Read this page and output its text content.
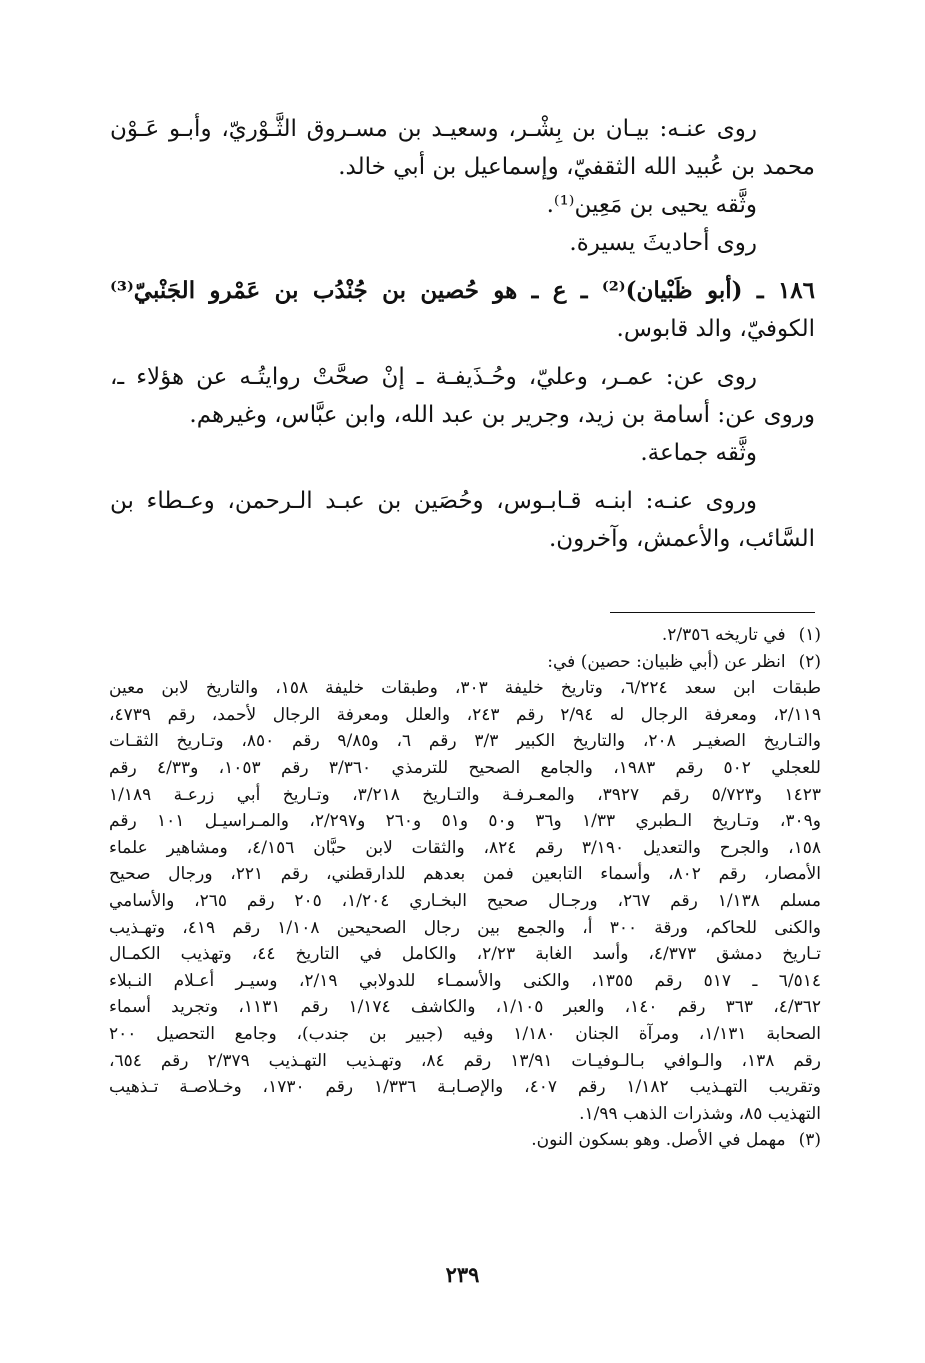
روى عنـه: بيـان بن بِشْـر، وسعيـد بن مسـروق الثَّـوْريّ، وأبـو عَـوْن
محمد بن عُبيد الله الثقفيّ، وإسماعيل بن أبي خالد.
وثَّقه يحيى بن مَعِين⁽¹⁾.
روى أحاديثَ يسيرة.
١٨٦ ـ (أبو ظَبْيان)⁽²⁾ ـ ع ـ هو حُصين بن جُنْدُب بن عَمْرو الجَنْبيّ⁽³⁾
الكوفيّ، والد قابوس.
روى عن: عمـر، وعليّ، وحُـذَيفـة ـ إنْ صحَّتْ روايتُـه عن هؤلاء ـ،
وروى عن: أسامة بن زيد، وجرير بن عبد الله، وابن عبَّاس، وغيرهم.
وثَّقه جماعة.
وروى عنـه: ابنـه قـابـوس، وحُصَين بن عبـد الـرحمن، وعـطاء بن
السَّائب، والأعمش، وآخرون.
(١) في تاريخه ٢/٣٥٦.
(٢) انظر عن (أبي ظبيان: حصين) في:
طبقات ابن سعد ٦/٢٢٤، وتاريخ خليفة ٣٠٣، وطبقات خليفة ١٥٨، والتاريخ لابن معين
٢/١١٩، ومعرفة الرجال له ٢/٩٤ رقم ٢٤٣، والعلل ومعرفة الرجال لأحمد، رقم ٤٧٣٩،
والتـاريخ الصغيـر ٢٠٨، والتاريخ الكبير ٣/٣ رقم ٦، و٩/٨٥ رقم ٨٥٠، وتـاريخ الثقـات
للعجلي ٥٠٢ رقم ١٩٨٣، والجامع الصحيح للترمذي ٣/٣٦٠ رقم ١٠٥٣، و٤/٣٣ رقم
١٤٢٣ و٥/٧٢٣ رقم ٣٩٢٧، والمعـرفـة والتـاريخ ٣/٢١٨، وتـاريخ أبي زرعـة ١/١٨٩
و٣٠٩، وتـاريخ الـطبري ١/٣٣ و٣٦ و٥٠ و٥١ و٢٦٠ و٢/٢٩٧، والمـراسيـل ١٠١ رقم
١٥٨، والجرح والتعديل ٣/١٩٠ رقم ٨٢٤، والثقات لابن حبَّان ٤/١٥٦، ومشاهير علماء
الأمصار، رقم ٨٠٢، وأسماء التابعين فمن بعدهم للدارقطني، رقم ٢٢١، ورجال صحيح
مسلم ١/١٣٨ رقم ٢٦٧، ورجـال صحيح البخـاري ١/٢٠٤، ٢٠٥ رقم ٢٦٥، والأسامي
والكنى للحاكم، ورقة ٣٠٠ أ، والجمع بين رجال الصحيحين ١/١٠٨ رقم ٤١٩، وتهـذيب
تـاريخ دمشق ٤/٣٧٣، وأسد الغابة ٢/٢٣، والكامل في التاريخ ٤٤، وتهذيب الكمـال
٦/٥١٤ ـ ٥١٧ رقم ١٣٥٥، والكنى والأسمـاء للدولابي ٢/١٩، وسيـر أعـلام النـبلاء
٤/٣٦٢، ٣٦٣ رقم ١٤٠، والعبر ١/١٠٥، والكاشف ١/١٧٤ رقم ١١٣١، وتجريد أسماء
الصحابة ١/١٣١، ومرآة الجنان ١/١٨٠ وفيه (جبير بن جندب)، وجامع التحصيل ٢٠٠
رقم ١٣٨، والـوافي بـالـوفيـات ١٣/٩١ رقم ٨٤، وتهـذيب التهـذيب ٢/٣٧٩ رقم ٦٥٤،
وتقريب التهـذيب ١/١٨٢ رقم ٤٠٧، والإصـابـة ١/٣٣٦ رقم ١٧٣٠، وخـلاصـة تـذهيب
التهذيب ٨٥، وشذرات الذهب ١/٩٩.
(٣) مهمل في الأصل. وهو بسكون النون.
٢٣٩
